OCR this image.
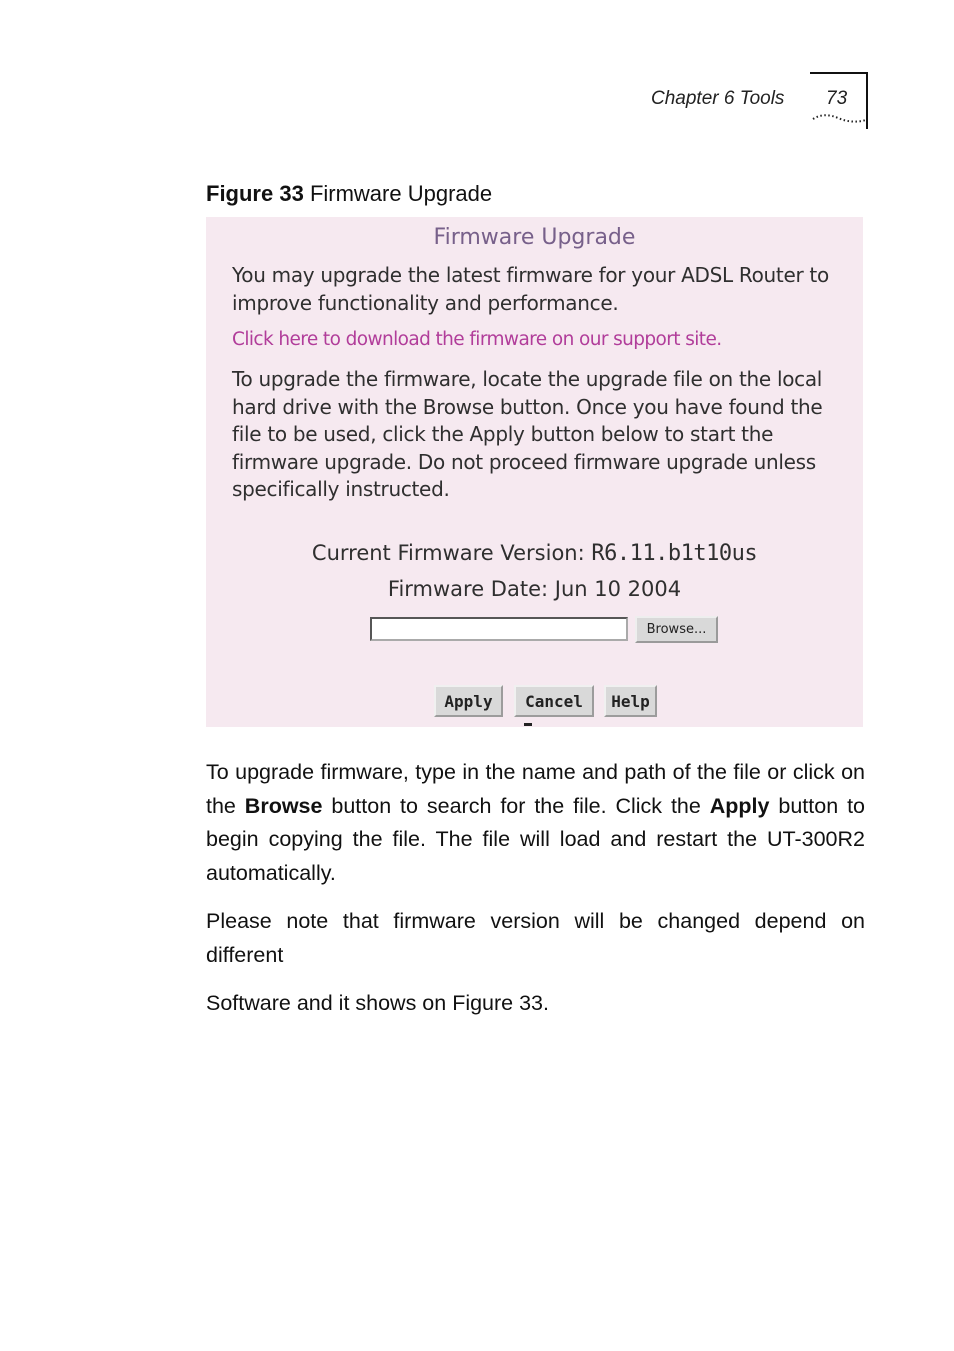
Chapter 6 Tools 73
Figure 33 Firmware Upgrade
Firmware Upgrade
You may upgrade the latest firmware for your ADSL Router to improve functionality and performance.
Click here to download the firmware on our support site.
To upgrade the firmware, locate the upgrade file on the local hard drive with the Browse button. Once you have found the file to be used, click the Apply button below to start the firmware upgrade. Do not proceed firmware upgrade unless specifically instructed.
Current Firmware Version: R6.11.b1t10us
Firmware Date: Jun 10 2004
Browse...
Apply	Cancel	Help

To upgrade firmware, type in the name and path of the file or click on the Browse button to search for the file. Click the Apply button to begin copying the file. The file will load and restart the UT-300R2 automatically.

Please note that firmware version will be changed depend on different

Software and it shows on Figure 33.
